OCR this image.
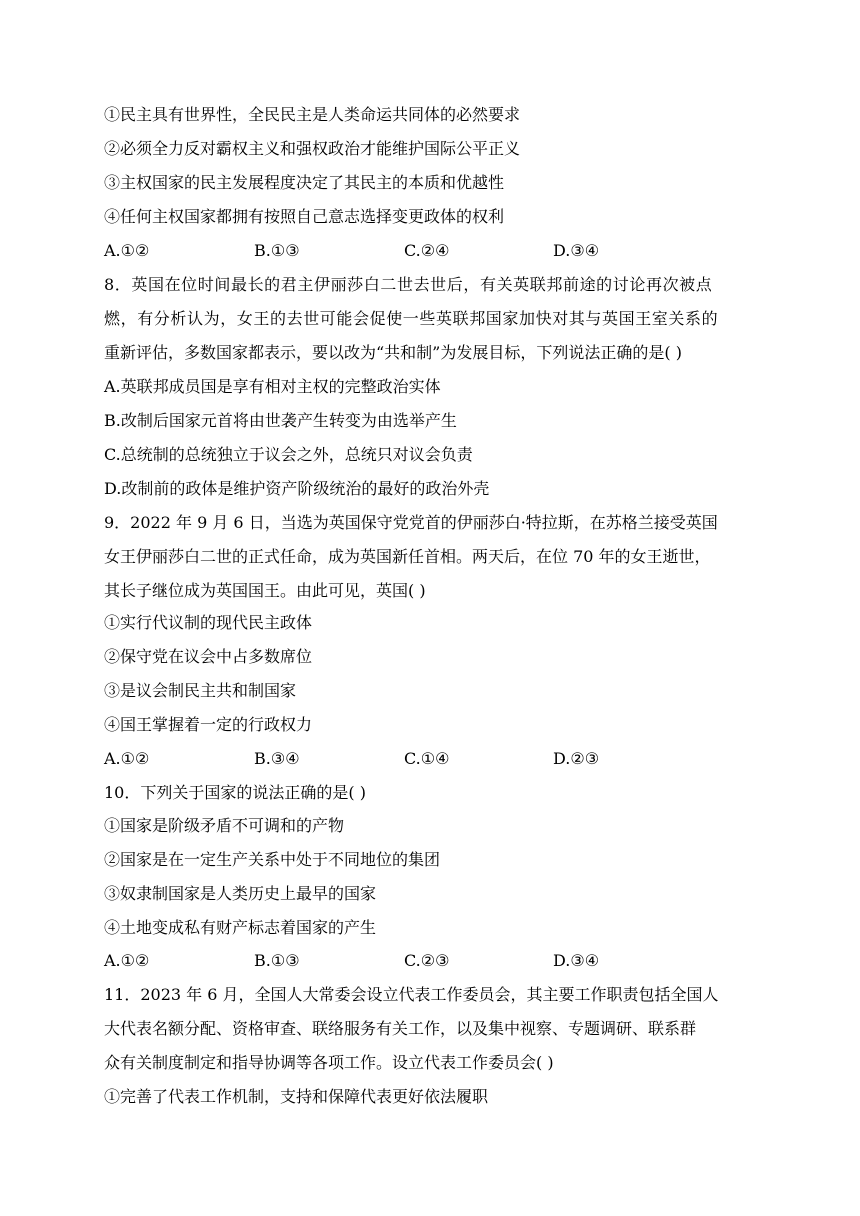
①民主具有世界性，全民民主是人类命运共同体的必然要求
②必须全力反对霸权主义和强权政治才能维护国际公平正义
③主权国家的民主发展程度决定了其民主的本质和优越性
④任何主权国家都拥有按照自己意志选择变更政体的权利
A.①②	B.①③	C.②④	D.③④
8．英国在位时间最长的君主伊丽莎白二世去世后，有关英联邦前途的讨论再次被点
燃，有分析认为，女王的去世可能会促使一些英联邦国家加快对其与英国王室关系的
重新评估，多数国家都表示，要以改为“共和制”为发展目标，下列说法正确的是( )
A.英联邦成员国是享有相对主权的完整政治实体
B.改制后国家元首将由世袭产生转变为由选举产生
C.总统制的总统独立于议会之外，总统只对议会负责
D.改制前的政体是维护资产阶级统治的最好的政治外壳
9．2022 年 9 月 6 日，当选为英国保守党党首的伊丽莎白·特拉斯，在苏格兰接受英国
女王伊丽莎白二世的正式任命，成为英国新任首相。两天后，在位 70 年的女王逝世，
其长子继位成为英国国王。由此可见，英国( )
①实行代议制的现代民主政体
②保守党在议会中占多数席位
③是议会制民主共和制国家
④国王掌握着一定的行政权力
A.①②	B.③④	C.①④	D.②③
10．下列关于国家的说法正确的是( )
①国家是阶级矛盾不可调和的产物
②国家是在一定生产关系中处于不同地位的集团
③奴隶制国家是人类历史上最早的国家
④土地变成私有财产标志着国家的产生
A.①②	B.①③	C.②③	D.③④
11．2023 年 6 月，全国人大常委会设立代表工作委员会，其主要工作职责包括全国人
大代表名额分配、资格审查、联络服务有关工作，以及集中视察、专题调研、联系群
众有关制度制定和指导协调等各项工作。设立代表工作委员会( )
①完善了代表工作机制，支持和保障代表更好依法履职
